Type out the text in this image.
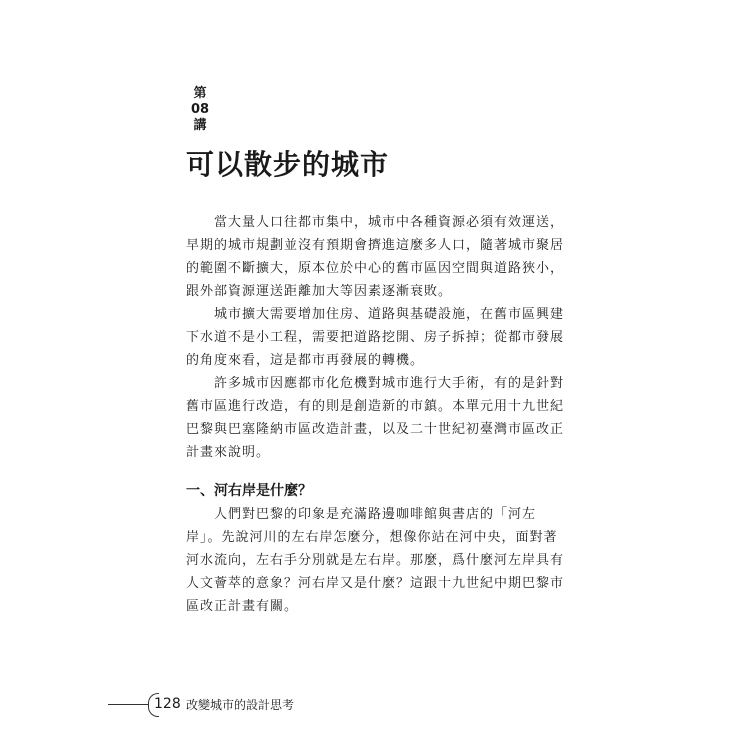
第
08
講
可以散步的城市

　　當大量人口往都市集中，城市中各種資源必須有效運送，
早期的城市規劃並沒有預期會擠進這麼多人口，隨著城市聚居
的範圍不斷擴大，原本位於中心的舊市區因空間與道路狹小，
跟外部資源運送距離加大等因素逐漸衰敗。

　　城市擴大需要增加住房、道路與基礎設施，在舊市區興建
下水道不是小工程，需要把道路挖開、房子拆掉；從都市發展
的角度來看，這是都市再發展的轉機。

　　許多城市因應都市化危機對城市進行大手術，有的是針對
舊市區進行改造，有的則是創造新的市鎮。本單元用十九世紀
巴黎與巴塞隆納市區改造計畫，以及二十世紀初臺灣市區改正
計畫來說明。

一、河右岸是什麼？

　　人們對巴黎的印象是充滿路邊咖啡館與書店的「河左
岸」。先說河川的左右岸怎麼分，想像你站在河中央，面對著
河水流向，左右手分別就是左右岸。那麼，爲什麼河左岸具有
人文薈萃的意象？河右岸又是什麼？這跟十九世紀中期巴黎市
區改正計畫有關。

128 改變城市的設計思考
